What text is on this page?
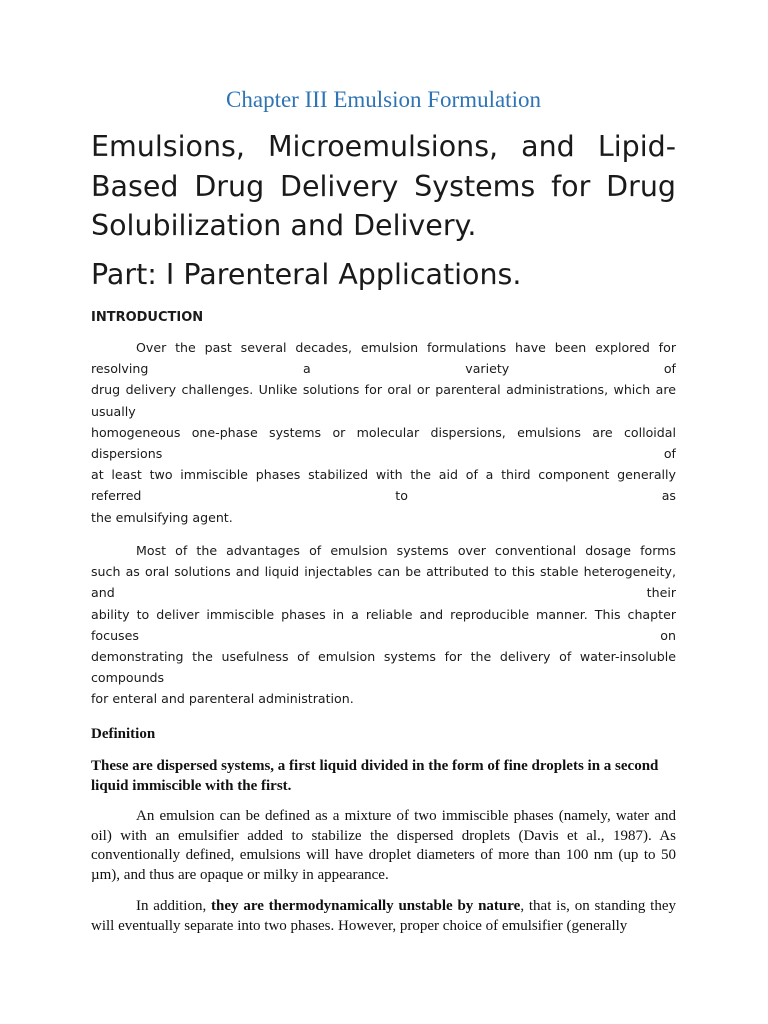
Chapter III Emulsion Formulation
Emulsions, Microemulsions, and Lipid-Based Drug Delivery Systems for Drug Solubilization and Delivery.
Part: I Parenteral Applications.
INTRODUCTION
Over the past several decades, emulsion formulations have been explored for
resolving a variety of
drug delivery challenges. Unlike solutions for oral or parenteral administrations, which are
usually
homogeneous one-phase systems or molecular dispersions, emulsions are colloidal
dispersions of
at least two immiscible phases stabilized with the aid of a third component generally
referred to as
the emulsifying agent.
Most of the advantages of emulsion systems over conventional dosage forms
such as oral solutions and liquid injectables can be attributed to this stable heterogeneity,
and their
ability to deliver immiscible phases in a reliable and reproducible manner. This chapter
focuses on
demonstrating the usefulness of emulsion systems for the delivery of water-insoluble
compounds
for enteral and parenteral administration.
Definition
These are dispersed systems, a first liquid divided in the form of fine droplets in a second liquid immiscible with the first.
An emulsion can be defined as a mixture of two immiscible phases (namely, water and oil) with an emulsifier added to stabilize the dispersed droplets (Davis et al., 1987). As conventionally defined, emulsions will have droplet diameters of more than 100 nm (up to 50 µm), and thus are opaque or milky in appearance.
In addition, they are thermodynamically unstable by nature, that is, on standing they will eventually separate into two phases. However, proper choice of emulsifier (generally
